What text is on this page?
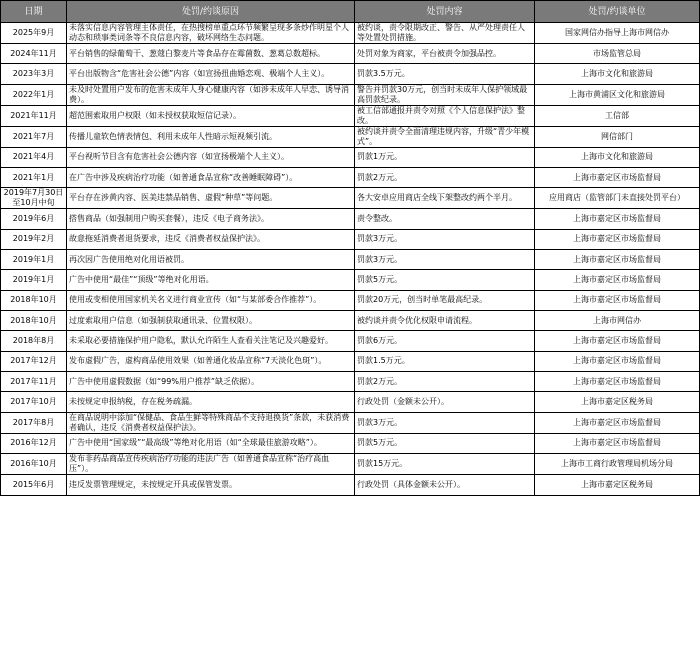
日期	处罚/约谈原因	处罚内容	处罚/约谈单位
2025年9月	未落实信息内容管理主体责任，在热搜榜单重点环节频繁呈现多条炒作明星个人动态和琐事类词条等不良信息内容，破坏网络生态问题。	被约谈，责令限期改正、警告、从严处理责任人等处置处罚措施。	国家网信办指导上海市网信办
2024年11月	平台销售的绿葡萄干、葱蔻白黎麦片等食品存在霉菌数、葱葛总数超标。	处罚对象为商家，平台被责令加强品控。	市场监管总局
2023年3月	平台出版物含“危害社会公德”内容（如宣扬扭曲婚恋观、极端个人主义）。	罚款3.5万元。	上海市文化和旅游局
2022年1月	未及时处置用户发布的危害未成年人身心健康内容（如涉未成年人早恋、诱导消费）。	警告并罚款30万元，创当时未成年人保护领域最高罚款纪录。	上海市黄浦区文化和旅游局
2021年11月	超范围索取用户权限（如未授权获取短信记录）。	被工信部通报并责令对照《个人信息保护法》整改。	工信部
2021年7月	传播儿童软色情表情包、利用未成年人性暗示短视频引流。	被约谈并责令全面清理违规内容，升级“青少年模式”。	网信部门
2021年4月	平台视听节目含有危害社会公德内容（如宣扬极端个人主义）。	罚款1万元。	上海市文化和旅游局
2021年1月	在广告中涉及疾病治疗功能（如普通食品宣称“改善睡眠障碍”）。	罚款2万元。	上海市嘉定区市场监督局
2019年7月30日至10月中旬	平台存在涉黄内容、医美违禁品销售、虚假“种草”等问题。	各大安卓应用商店全线下架整改约两个半月。	应用商店（监管部门未直接处罚平台）
2019年6月	搭售商品（如强制用户购买套餐），违反《电子商务法》。	责令整改。	上海市嘉定区市场监督局
2019年2月	故意拖延消费者退货要求，违反《消费者权益保护法》。	罚款3万元。	上海市嘉定区市场监督局
2019年1月	再次因广告使用绝对化用语被罚。	罚款3万元。	上海市嘉定区市场监督局
2019年1月	广告中使用“最佳”“顶级”等绝对化用语。	罚款5万元。	上海市嘉定区市场监督局
2018年10月	使用或变相使用国家机关名义进行商业宣传（如“与某部委合作推荐”）。	罚款20万元，创当时单笔最高纪录。	上海市嘉定区市场监督局
2018年10月	过度索取用户信息（如强制获取通讯录、位置权限）。	被约谈并责令优化权限申请流程。	上海市网信办
2018年8月	未采取必要措施保护用户隐私，默认允许陌生人查看关注笔记及兴趣爱好。	罚款6万元。	上海市嘉定区市场监督局
2017年12月	发布虚假广告，虚构商品使用效果（如普通化妆品宣称“7天淡化色斑”）。	罚款1.5万元。	上海市嘉定区市场监督局
2017年11月	广告中使用虚假数据（如“99%用户推荐”缺乏依据）。	罚款2万元。	上海市嘉定区市场监督局
2017年10月	未按规定申报纳税，存在税务疏漏。	行政处罚（金额未公开）。	上海市嘉定区税务局
2017年8月	在商品说明中添加“保健品、食品生鲜等特殊商品不支持退换货”条款，未获消费者确认，违反《消费者权益保护法》。	罚款3万元。	上海市嘉定区市场监督局
2016年12月	广告中使用“国家级”“最高级”等绝对化用语（如“全球最佳旅游攻略”）。	罚款5万元。	上海市嘉定区市场监督局
2016年10月	发布非药品商品宣传疾病治疗功能的违法广告（如普通食品宣称“治疗高血压”）。	罚款15万元。	上海市工商行政管理局机场分局
2015年6月	违反发票管理规定，未按规定开具或保管发票。	行政处罚（具体金额未公开）。	上海市嘉定区税务局
